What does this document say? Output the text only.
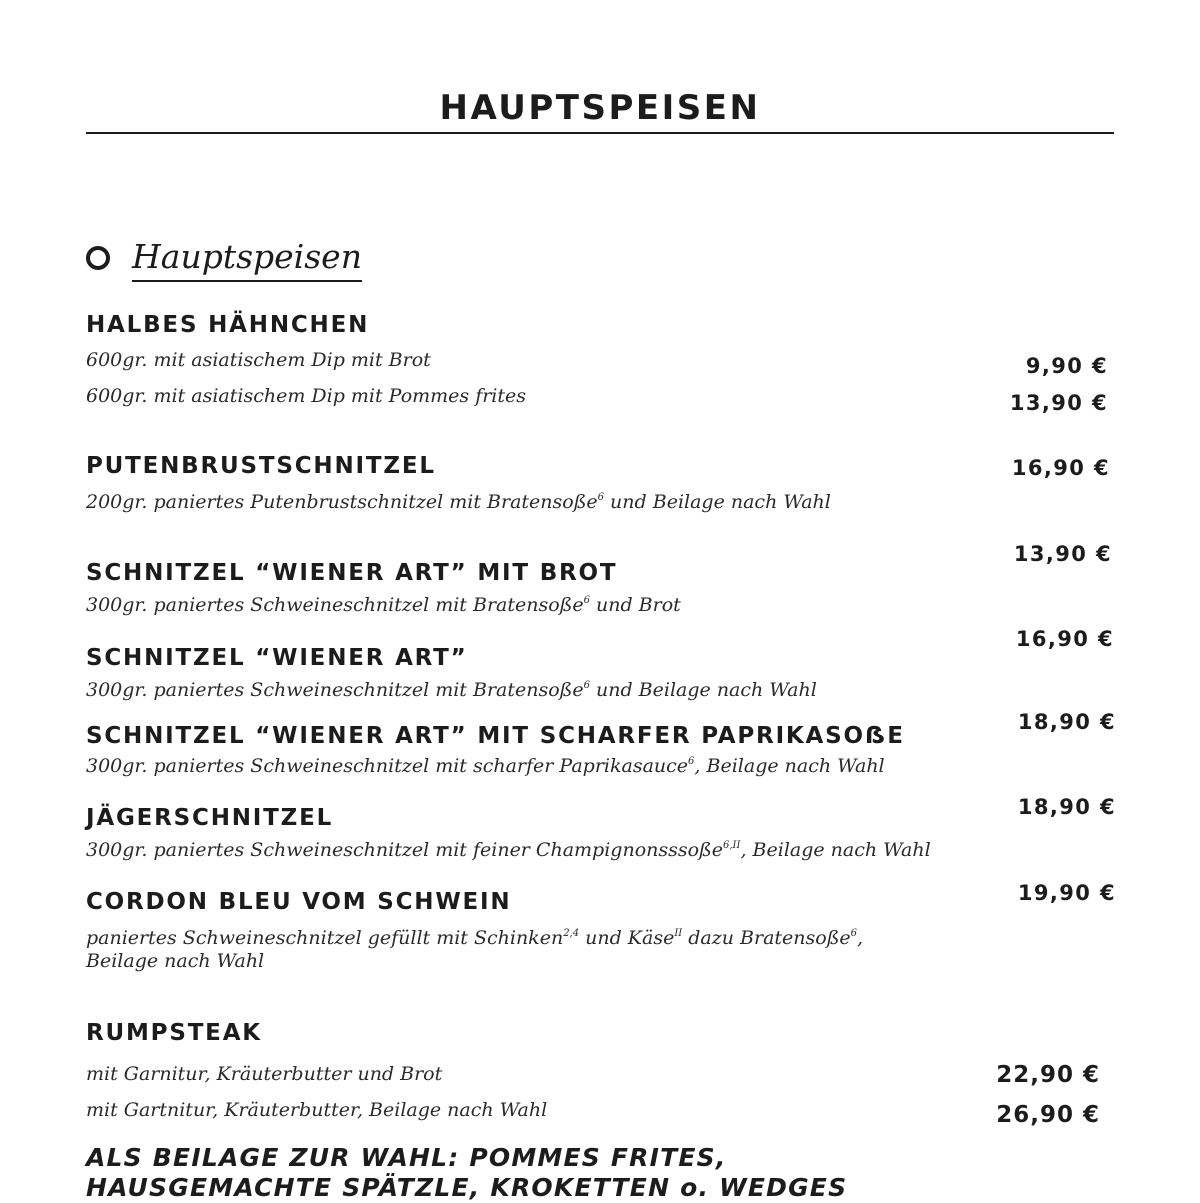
HAUPTSPEISEN
Hauptspeisen
HALBES HÄHNCHEN
600gr. mit asiatischem Dip mit Brot
600gr. mit asiatischem Dip mit Pommes frites
9,90 €
13,90 €
PUTENBRUSTSCHNITZEL
200gr. paniertes Putenbrustschnitzel mit Bratensoße$^6$ und Beilage nach Wahl
16,90 €
SCHNITZEL “WIENER ART” MIT BROT
300gr. paniertes Schweineschnitzel mit Bratensoße$^6$ und Brot
13,90 €
SCHNITZEL “WIENER ART”
300gr. paniertes Schweineschnitzel mit Bratensoße$^6$ und Beilage nach Wahl
16,90 €
SCHNITZEL “WIENER ART” MIT SCHARFER PAPRIKASOẞE
300gr. paniertes Schweineschnitzel mit scharfer Paprikasauce$^6$, Beilage nach Wahl
18,90 €
JÄGERSCHNITZEL
300gr. paniertes Schweineschnitzel mit feiner Champignonsssoße$^{6,II}$, Beilage nach Wahl
18,90 €
CORDON BLEU VOM SCHWEIN
paniertes Schweineschnitzel gefüllt mit Schinken$^{2,4}$ und Käse$^{II}$ dazu Bratensoße$^6$,
Beilage nach Wahl
19,90 €
RUMPSTEAK
mit Garnitur, Kräuterbutter und Brot
mit Gartnitur, Kräuterbutter, Beilage nach Wahl
22,90 €
26,90 €
ALS BEILAGE ZUR WAHL: POMMES FRITES,
HAUSGEMACHTE SPÄTZLE, KROKETTEN o. WEDGES
